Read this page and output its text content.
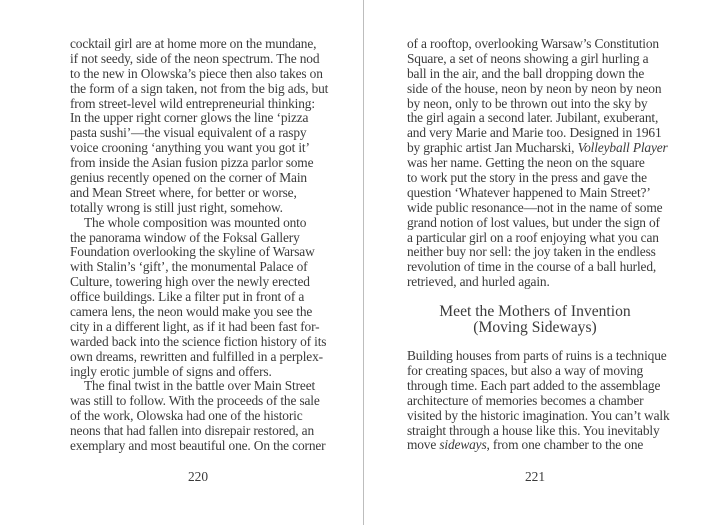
cocktail girl are at home more on the mundane,
if not seedy, side of the neon spectrum. The nod
to the new in Olowska’s piece then also takes on
the form of a sign taken, not from the big ads, but
from street-level wild entrepreneurial thinking:
In the upper right corner glows the line ‘pizza
pasta sushi’—the visual equivalent of a raspy
voice crooning ‘anything you want you got it’
from inside the Asian fusion pizza parlor some
genius recently opened on the corner of Main
and Mean Street where, for better or worse,
totally wrong is still just right, somehow.
The whole composition was mounted onto
the panorama window of the Foksal Gallery
Foundation overlooking the skyline of Warsaw
with Stalin’s ‘gift’, the monumental Palace of
Culture, towering high over the newly erected
office buildings. Like a filter put in front of a
camera lens, the neon would make you see the
city in a different light, as if it had been fast for-
warded back into the science fiction history of its
own dreams, rewritten and fulfilled in a perplex-
ingly erotic jumble of signs and offers.
The final twist in the battle over Main Street
was still to follow. With the proceeds of the sale
of the work, Olowska had one of the historic
neons that had fallen into disrepair restored, an
exemplary and most beautiful one. On the corner
220
of a rooftop, overlooking Warsaw’s Constitution
Square, a set of neons showing a girl hurling a
ball in the air, and the ball dropping down the
side of the house, neon by neon by neon by neon
by neon, only to be thrown out into the sky by
the girl again a second later. Jubilant, exuberant,
and very Marie and Marie too. Designed in 1961
by graphic artist Jan Mucharski, Volleyball Player
was her name. Getting the neon on the square
to work put the story in the press and gave the
question ‘Whatever happened to Main Street?’
wide public resonance—not in the name of some
grand notion of lost values, but under the sign of
a particular girl on a roof enjoying what you can
neither buy nor sell: the joy taken in the endless
revolution of time in the course of a ball hurled,
retrieved, and hurled again.
Meet the Mothers of Invention
(Moving Sideways)
Building houses from parts of ruins is a technique
for creating spaces, but also a way of moving
through time. Each part added to the assemblage
architecture of memories becomes a chamber
visited by the historic imagination. You can’t walk
straight through a house like this. You inevitably
move sideways, from one chamber to the one
221
